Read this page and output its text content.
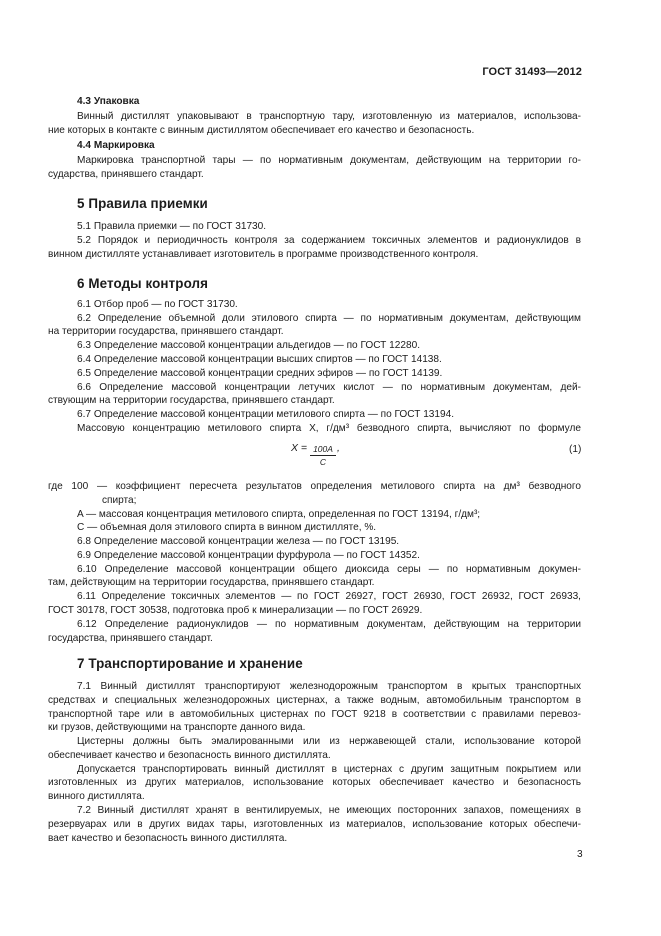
ГОСТ 31493—2012
4.3 Упаковка
Винный дистиллят упаковывают в транспортную тару, изготовленную из материалов, использова-
ние которых в контакте с винным дистиллятом обеспечивает его качество и безопасность.
4.4 Маркировка
Маркировка транспортной тары — по нормативным документам, действующим на территории го-
сударства, принявшего стандарт.
5 Правила приемки
5.1 Правила приемки — по ГОСТ 31730.
5.2 Порядок и периодичность контроля за содержанием токсичных элементов и радионуклидов в
винном дистилляте устанавливает изготовитель в программе производственного контроля.
6 Методы контроля
6.1 Отбор проб — по ГОСТ 31730.
6.2 Определение объемной доли этилового спирта — по нормативным документам, действующим
на территории государства, принявшего стандарт.
6.3 Определение массовой концентрации альдегидов — по ГОСТ 12280.
6.4 Определение массовой концентрации высших спиртов — по ГОСТ 14138.
6.5 Определение массовой концентрации средних эфиров — по ГОСТ 14139.
6.6 Определение массовой концентрации летучих кислот — по нормативным документам, дей-
ствующим на территории государства, принявшего стандарт.
6.7 Определение массовой концентрации метилового спирта — по ГОСТ 13194.
Массовую концентрацию метилового спирта X, г/дм³ безводного спирта, вычисляют по формуле
$X = \frac{100A}{C}$ ,	(1)
где 100 — коэффициент пересчета результатов определения метилового спирта на дм³ безводного
спирта;
A — массовая концентрация метилового спирта, определенная по ГОСТ 13194, г/дм³;
C — объемная доля этилового спирта в винном дистилляте, %.
6.8 Определение массовой концентрации железа — по ГОСТ 13195.
6.9 Определение массовой концентрации фурфурола — по ГОСТ 14352.
6.10 Определение массовой концентрации общего диоксида серы — по нормативным докумен-
там, действующим на территории государства, принявшего стандарт.
6.11 Определение токсичных элементов — по ГОСТ 26927, ГОСТ 26930, ГОСТ 26932, ГОСТ 26933,
ГОСТ 30178, ГОСТ 30538, подготовка проб к минерализации — по ГОСТ 26929.
6.12 Определение радионуклидов — по нормативным документам, действующим на территории
государства, принявшего стандарт.
7 Транспортирование и хранение
7.1 Винный дистиллят транспортируют железнодорожным транспортом в крытых транспортных
средствах и специальных железнодорожных цистернах, а также водным, автомобильным транспортом в
транспортной таре или в автомобильных цистернах по ГОСТ 9218 в соответствии с правилами перевоз-
ки грузов, действующими на транспорте данного вида.
Цистерны должны быть эмалированными или из нержавеющей стали, использование которой
обеспечивает качество и безопасность винного дистиллята.
Допускается транспортировать винный дистиллят в цистернах с другим защитным покрытием или
изготовленных из других материалов, использование которых обеспечивает качество и безопасность
винного дистиллята.
7.2 Винный дистиллят хранят в вентилируемых, не имеющих посторонних запахов, помещениях в
резервуарах или в других видах тары, изготовленных из материалов, использование которых обеспечи-
вает качество и безопасность винного дистиллята.
3
